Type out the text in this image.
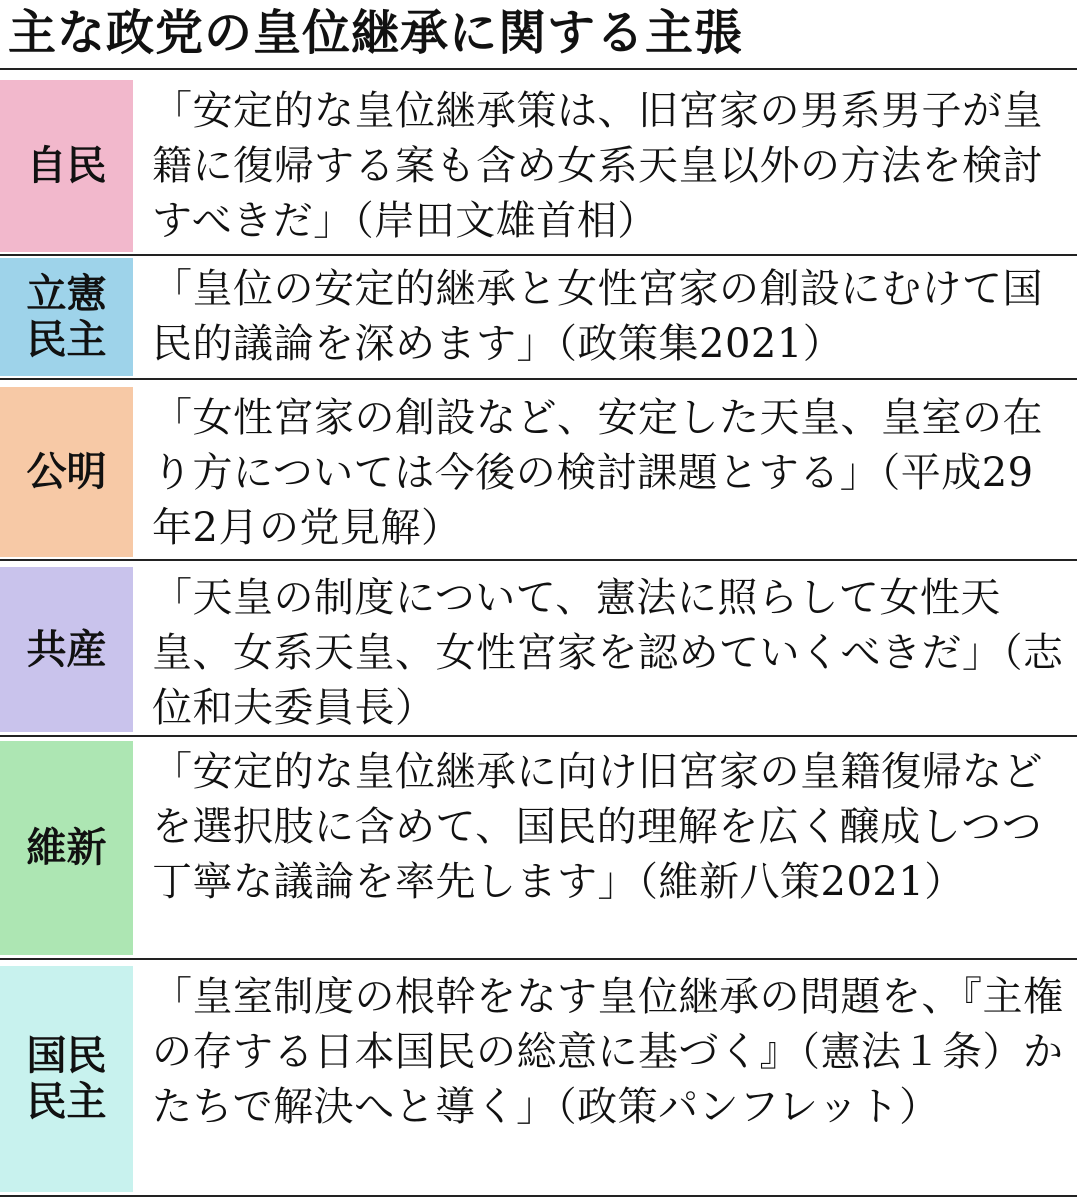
主な政党の皇位継承に関する主張
自民
「安定的な皇位継承策は、旧宮家の男系男子が皇籍に復帰する案も含め女系天皇以外の方法を検討すべきだ」（岸田文雄首相）
立憲
民主
「皇位の安定的継承と女性宮家の創設にむけて国民的議論を深めます」（政策集2021）
公明
「女性宮家の創設など、安定した天皇、皇室の在り方については今後の検討課題とする」（平成29年2月の党見解）
共産
「天皇の制度について、憲法に照らして女性天皇、女系天皇、女性宮家を認めていくべきだ」（志位和夫委員長）
維新
「安定的な皇位継承に向け旧宮家の皇籍復帰などを選択肢に含めて、国民的理解を広く醸成しつつ丁寧な議論を率先します」（維新八策2021）
国民
民主
「皇室制度の根幹をなす皇位継承の問題を、『主権の存する日本国民の総意に基づく』（憲法１条）かたちで解決へと導く」（政策パンフレット）
